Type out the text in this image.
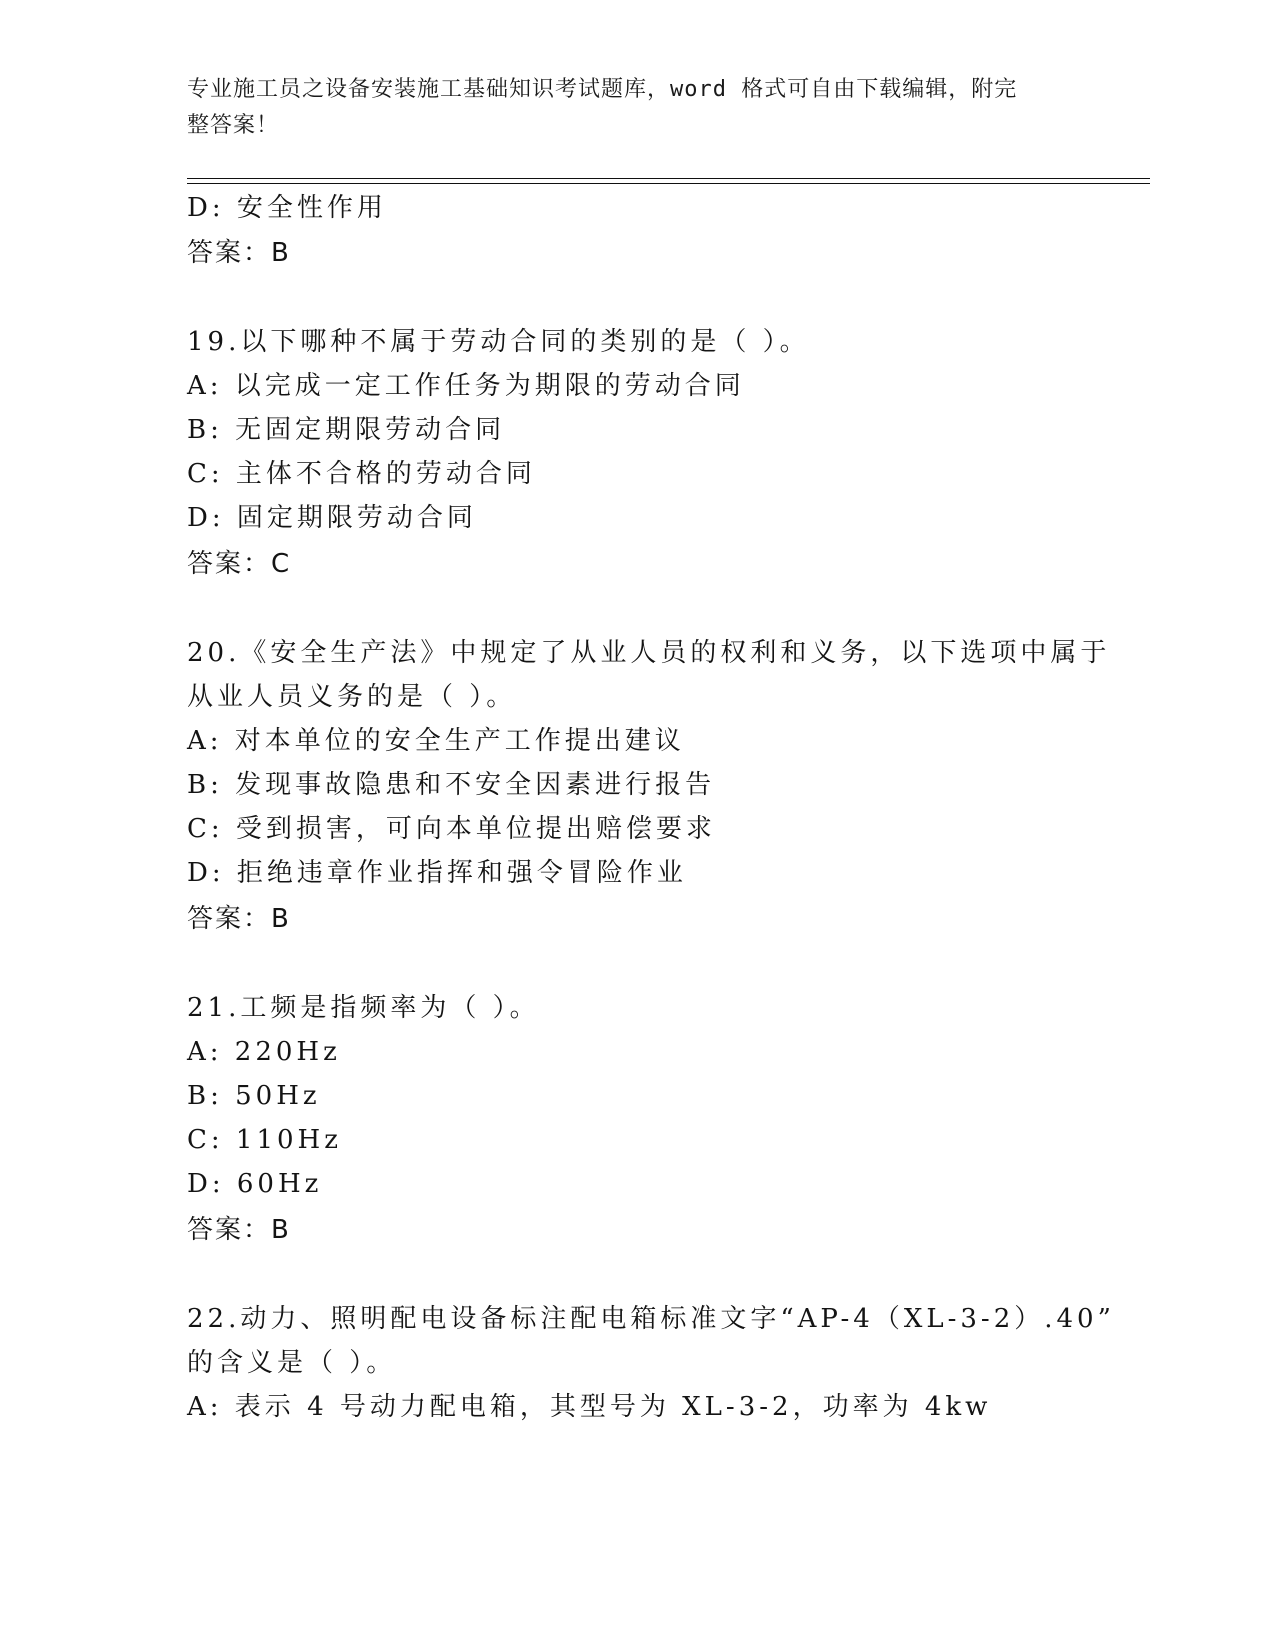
专业施工员之设备安装施工基础知识考试题库，word 格式可自由下载编辑，附完
整答案！
D: 安全性作用
答案：B
19.以下哪种不属于劳动合同的类别的是（ ）。
A: 以完成一定工作任务为期限的劳动合同
B: 无固定期限劳动合同
C: 主体不合格的劳动合同
D: 固定期限劳动合同
答案：C
20.《安全生产法》中规定了从业人员的权利和义务，以下选项中属于
从业人员义务的是（ ）。
A: 对本单位的安全生产工作提出建议
B: 发现事故隐患和不安全因素进行报告
C: 受到损害，可向本单位提出赔偿要求
D: 拒绝违章作业指挥和强令冒险作业
答案：B
21.工频是指频率为（ ）。
A: 220Hz
B: 50Hz
C: 110Hz
D: 60Hz
答案：B
22.动力、照明配电设备标注配电箱标准文字“AP-4（XL-3-2）.40”
的含义是（ ）。
A: 表示 4 号动力配电箱，其型号为 XL-3-2，功率为 4kw
